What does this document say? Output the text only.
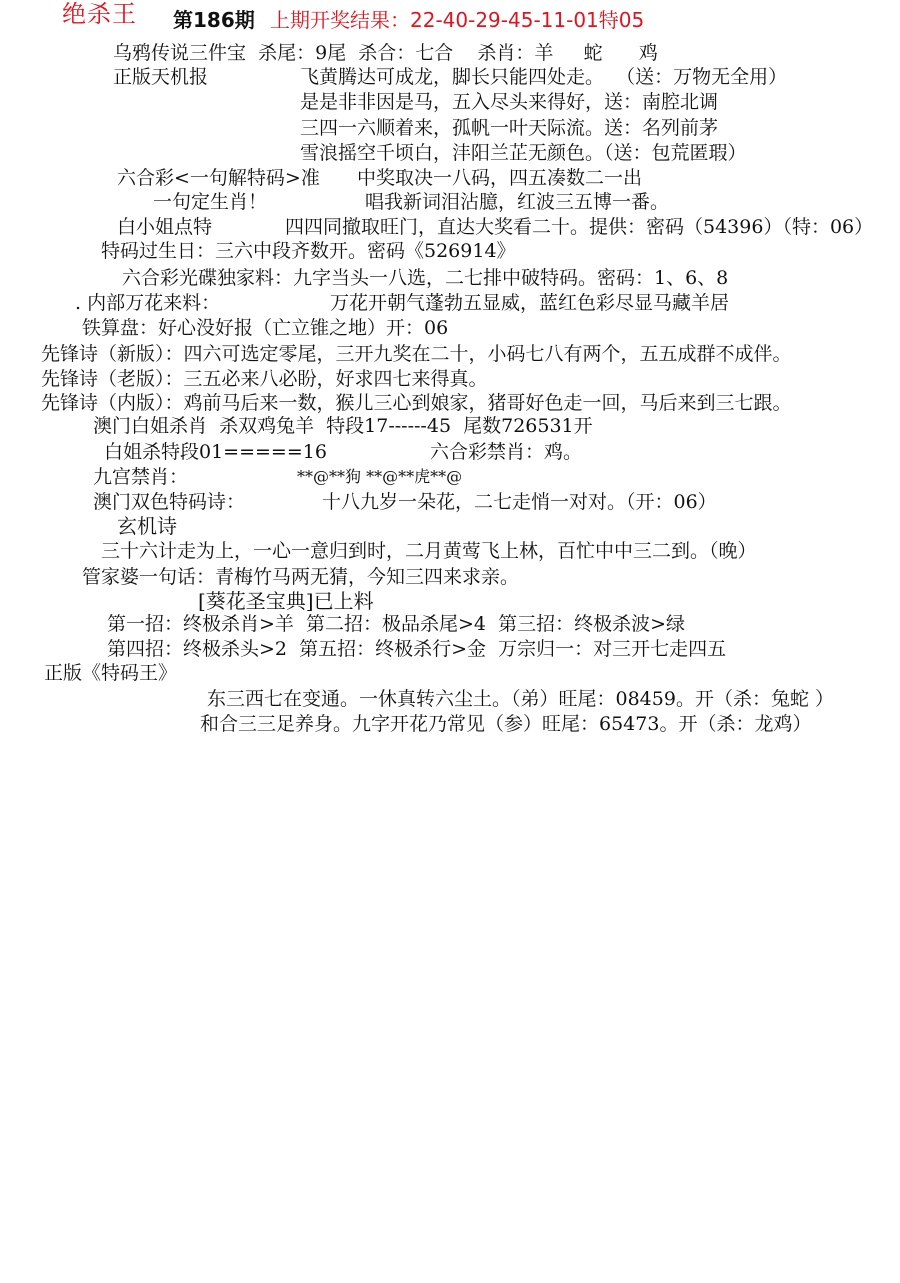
绝杀王 第186期 上期开奖结果：22-40-29-45-11-01特05
乌鸦传说三件宝  杀尾：9尾  杀合：七合    杀肖：羊     蛇      鸡
正版天机报	飞黄腾达可成龙，脚长只能四处走。  （送：万物无全用）
是是非非因是马，五入尽头来得好，送：南腔北调
三四一六顺着来，孤帆一叶天际流。送：名列前茅
雪浪摇空千顷白，沣阳兰芷无颜色。（送：包荒匿瑕）
六合彩<一句解特码>准 中奖取决一八码，四五凑数二一出
一句定生肖！	唱我新词泪沾臆，红波三五博一番。
白小姐点特	四四同撤取旺门，直达大奖看二十。提供：密码（54396）（特：06）
特码过生日：三六中段齐数开。密码《526914》
六合彩光碟独家料：九字当头一八选，二七排中破特码。密码：1、6、8
. 内部万花来料：	万花开朝气蓬勃五显威，蓝红色彩尽显马藏羊居
铁算盘：好心没好报（亡立锥之地）开：06
先锋诗（新版）：四六可选定零尾，三开九奖在二十，小码七八有两个，五五成群不成伴。
先锋诗（老版）：三五必来八必盼，好求四七来得真。
先锋诗（内版）：鸡前马后来一数，猴儿三心到娘家，猪哥好色走一回，马后来到三七跟。
澳门白姐杀肖  杀双鸡兔羊  特段17------45  尾数726531开
白姐杀特段01=====16	六合彩禁肖：鸡。
九宫禁肖：	**@**狗 **@**虎**@
澳门双色特码诗：	十八九岁一朵花，二七走悄一对对。（开：06）
玄机诗
三十六计走为上，一心一意归到时，二月黄莺飞上林，百忙中中三二到。（晚）
管家婆一句话：青梅竹马两无猜，今知三四来求亲。
[葵花圣宝典]已上料
第一招：终极杀肖>羊  第二招：极品杀尾>4  第三招：终极杀波>绿
第四招：终极杀头>2  第五招：终极杀行>金  万宗归一：对三开七走四五
正版《特码王》
东三西七在变通。一休真转六尘土。（弟）旺尾：08459。开（杀：兔蛇 ）
和合三三足养身。九字开花乃常见（参）旺尾：65473。开（杀：龙鸡）
